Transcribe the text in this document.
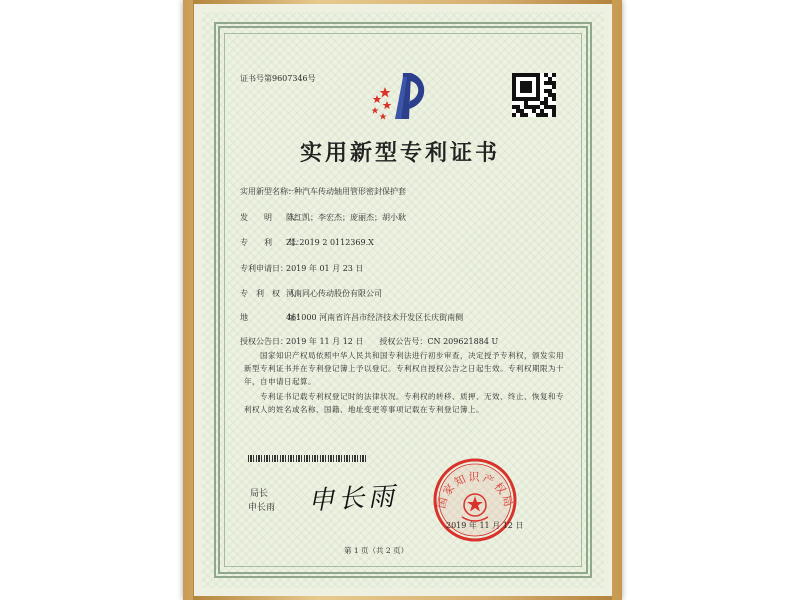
证书号第9607346号
实用新型专利证书
实用新型名称：
一种汽车传动轴用管形密封保护套
发　　明　　人：
陈红凯；李宏杰；庞丽杰；胡小耿
专　　利　　号：
ZL 2019 2 0112369.X
专利申请日：
2019 年 01 月 23 日
专　利　权　人：
河南同心传动股份有限公司
地　　　　　址：
461000 河南省许昌市经济技术开发区长庆街南侧
授权公告日：
2019 年 11 月 12 日　　授权公告号：CN 209621884 U
国家知识产权局依照中华人民共和国专利法进行初步审查，决定授予专利权，颁发实用新型专利证书并在专利登记簿上予以登记。专利权自授权公告之日起生效。专利权期限为十年，自申请日起算。
专利证书记载专利权登记时的法律状况。专利权的转移、质押、无效、终止、恢复和专利权人的姓名或名称、国籍、地址变更等事项记载在专利登记簿上。
局长
申长雨 申长雨	国家知识产权局
2019 年 11 月 12 日
第 1 页（共 2 页）
